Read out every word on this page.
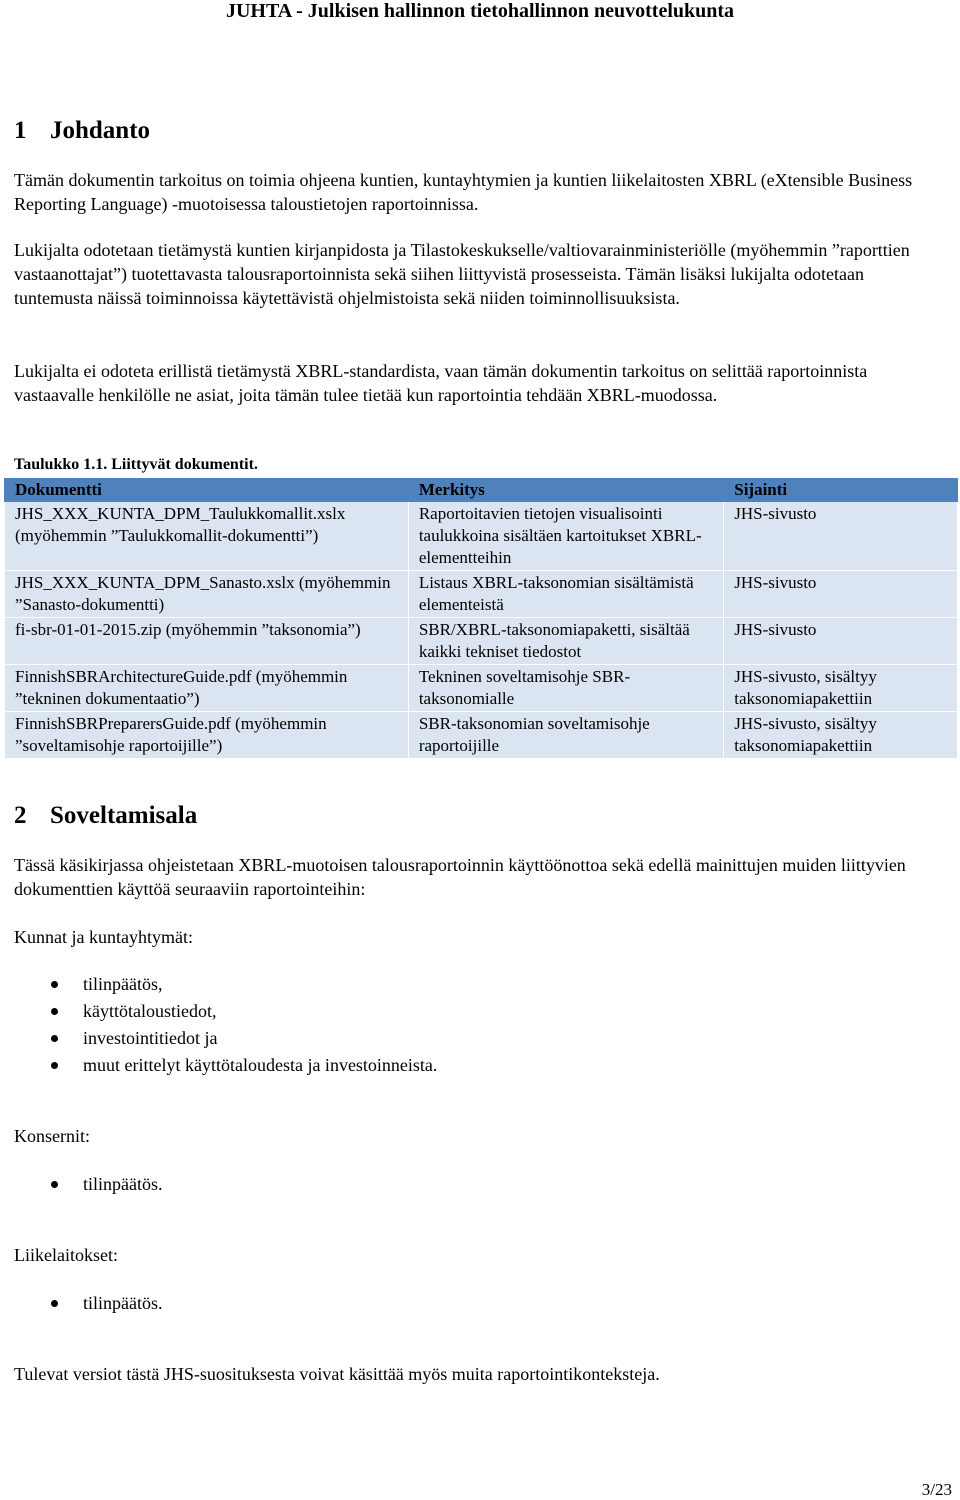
JUHTA - Julkisen hallinnon tietohallinnon neuvottelukunta
1 Johdanto
Tämän dokumentin tarkoitus on toimia ohjeena kuntien, kuntayhtymien ja kuntien liikelaitosten XBRL (eXtensible Business Reporting Language) -muotoisessa taloustietojen raportoinnissa.
Lukijalta odotetaan tietämystä kuntien kirjanpidosta ja Tilastokeskukselle/valtiovarainministeriölle (myöhemmin ”raporttien vastaanottajat”) tuotettavasta talousraportoinnista sekä siihen liittyvistä prosesseista. Tämän lisäksi lukijalta odotetaan tuntemusta näissä toiminnoissa käytettävistä ohjelmistoista sekä niiden toiminnollisuuksista.
Lukijalta ei odoteta erillistä tietämystä XBRL-standardista, vaan tämän dokumentin tarkoitus on selittää raportoinnista vastaavalle henkilölle ne asiat, joita tämän tulee tietää kun raportointia tehdään XBRL-muodossa.
Taulukko 1.1. Liittyvät dokumentit.
Dokumentti	Merkitys	Sijainti
JHS_XXX_KUNTA_DPM_Taulukkomallit.xslx (myöhemmin ”Taulukkomallit-dokumentti”)	Raportoitavien tietojen visualisointi taulukkoina sisältäen kartoitukset XBRL-elementteihin	JHS-sivusto
JHS_XXX_KUNTA_DPM_Sanasto.xslx (myöhemmin ”Sanasto-dokumentti)	Listaus XBRL-taksonomian sisältämistä elementeistä	JHS-sivusto
fi-sbr-01-01-2015.zip (myöhemmin ”taksonomia”)	SBR/XBRL-taksonomiapaketti, sisältää kaikki tekniset tiedostot	JHS-sivusto
FinnishSBRArchitectureGuide.pdf (myöhemmin ”tekninen dokumentaatio”)	Tekninen soveltamisohje SBR-taksonomialle	JHS-sivusto, sisältyy taksonomiapakettiin
FinnishSBRPreparersGuide.pdf (myöhemmin ”soveltamisohje raportoijille”)	SBR-taksonomian soveltamisohje raportoijille	JHS-sivusto, sisältyy taksonomiapakettiin
2 Soveltamisala
Tässä käsikirjassa ohjeistetaan XBRL-muotoisen talousraportoinnin käyttöönottoa sekä edellä mainittujen muiden liittyvien dokumenttien käyttöä seuraaviin raportointeihin:
Kunnat ja kuntayhtymät:
tilinpäätös,
käyttötaloustiedot,
investointitiedot ja
muut erittelyt käyttötaloudesta ja investoinneista.
Konsernit:
tilinpäätös.
Liikelaitokset:
tilinpäätös.
Tulevat versiot tästä JHS-suosituksesta voivat käsittää myös muita raportointikonteksteja.
3/23
